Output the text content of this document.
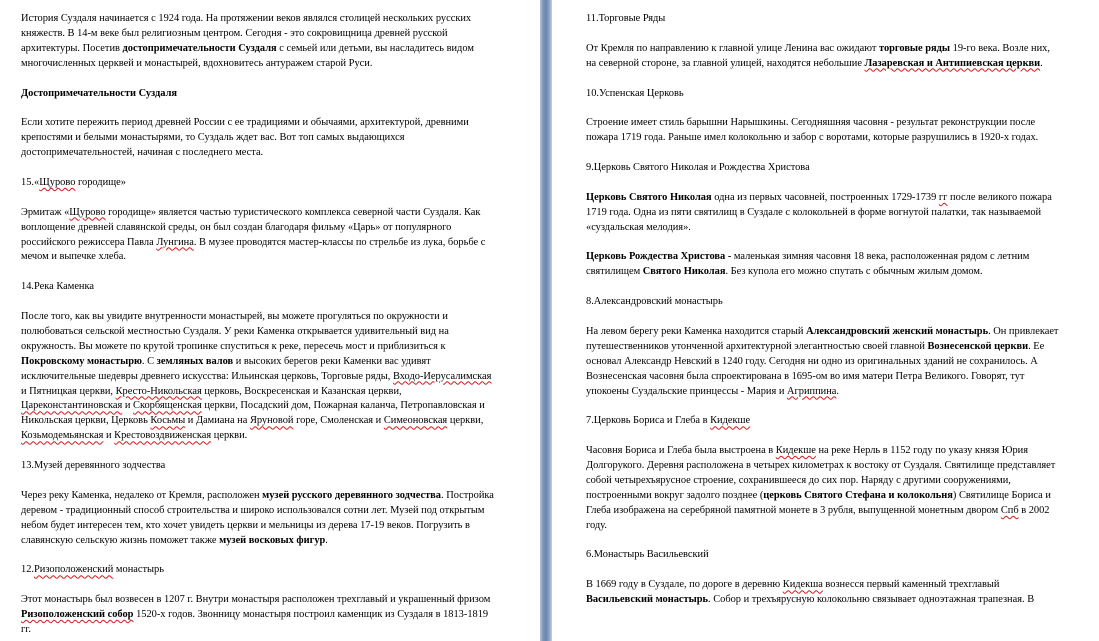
История Суздаля начинается с 1924 года. На протяжении веков являлся столицей нескольких русских княжеств. В 14-м веке был религиозным центром. Сегодня - это сокровищница древней русской архитектуры. Посетив достопримечательности Суздаля с семьей или детьми, вы насладитесь видом многочисленных церквей и монастырей, вдохновитесь антуражем старой Руси.

Достопримечательности Суздаля

Если хотите пережить период древней России с ее традициями и обычаями, архитектурой, древними крепостями и белыми монастырями, то Суздаль ждет вас. Вот топ самых выдающихся достопримечательностей, начиная с последнего места.

15.«Щурово городище»

Эрмитаж «Щурово городище» является частью туристического комплекса северной части Суздаля. Как воплощение древней славянской среды, он был создан благодаря фильму «Царь» от популярного российского режиссера Павла Лунгина. В музее проводятся мастер-классы по стрельбе из лука, борьбе с мечом и выпечке хлеба.

14.Река Каменка

После того, как вы увидите внутренности монастырей, вы можете прогуляться по окружности и полюбоваться сельской местностью Суздаля. У реки Каменка открывается удивительный вид на окружность. Вы можете по крутой тропинке спуститься к реке, пересечь мост и приблизиться к Покровскому монастырю. С земляных валов и высоких берегов реки Каменки вас удивят исключительные шедевры древнего искусства: Ильинская церковь, Торговые ряды, Входо-Иерусалимская и Пятницкая церкви, Кресто-Никольская церковь, Воскресенская и Казанская церкви, Цареконстантиновская и Скорбященская церкви, Посадский дом, Пожарная каланча, Петропавловская и Никольская церкви, Церковь Косьмы и Дамиана на Яруновой горе, Смоленская и Симеоновская церкви, Козьмодемьянская и Крестовоздвиженская церкви.

13.Музей деревянного зодчества

Через реку Каменка, недалеко от Кремля, расположен музей русского деревянного зодчества. Постройка деревом - традиционный способ строительства и широко использовался сотни лет. Музей под открытым небом будет интересен тем, кто хочет увидеть церкви и мельницы из дерева 17-19 веков. Погрузить в славянскую сельскую жизнь поможет также музей восковых фигур.

12.Ризоположенский монастырь

Этот монастырь был возвесен в 1207 г. Внутри монастыря расположен трехглавый и украшенный фризом Ризоположенский собор 1520-х годов. Звонницу монастыря построил каменщик из Суздаля в 1813-1819 гг.

11.Торговые Ряды

От Кремля по направлению к главной улице Ленина вас ожидают торговые ряды 19-го века. Возле них, на северной стороне, за главной улицей, находятся небольшие Лазаревская и Антипиевская церкви.

10.Успенская Церковь

Строение имеет стиль барышни Нарышкины. Сегодняшняя часовня - результат реконструкции после пожара 1719 года. Раньше имел колокольню и забор с воротами, которые разрушились в 1920-х годах.

9.Церковь Святого Николая и Рождества Христова

Церковь Святого Николая одна из первых часовней, построенных 1729-1739 гг после великого пожара 1719 года. Одна из пяти святилищ в Суздале с колокольней в форме вогнутой палатки, так называемой «суздальская мелодия».

Церковь Рождества Христова - маленькая зимняя часовня 18 века, расположенная рядом с летним святилищем Святого Николая. Без купола его можно спутать с обычным жилым домом.

8.Александровский монастырь

На левом берегу реки Каменка находится старый Александровский женский монастырь. Он привлекает путешественников утонченной архитектурной элегантностью своей главной Вознесенской церкви. Ее основал Александр Невский в 1240 году. Сегодня ни одно из оригинальных зданий не сохранилось. А Вознесенская часовня была спроектирована в 1695-ом во имя матери Петра Великого. Говорят, тут упокоены Суздальские принцессы - Мария и Агриппина.

7.Церковь Бориса и Глеба в Кидекше

Часовня Бориса и Глеба была выстроена в Кидекше на реке Нерль в 1152 году по указу князя Юрия Долгорукого. Деревня расположена в четырех километрах к востоку от Суздаля. Святилище представляет собой четырехъярусное строение, сохранившееся до сих пор. Наряду с другими сооружениями, построенными вокруг задолго позднее (церковь Святого Стефана и колокольня) Святилище Бориса и Глеба изображена на серебряной памятной монете в 3 рубля, выпущенной монетным двором Спб в 2002 году.

6.Монастырь Васильевский

В 1669 году в Суздале, по дороге в деревню Кидекша вознесся первый каменный трехглавый Васильевский монастырь. Собор и трехъярусную колокольню связывает одноэтажная трапезная. В
